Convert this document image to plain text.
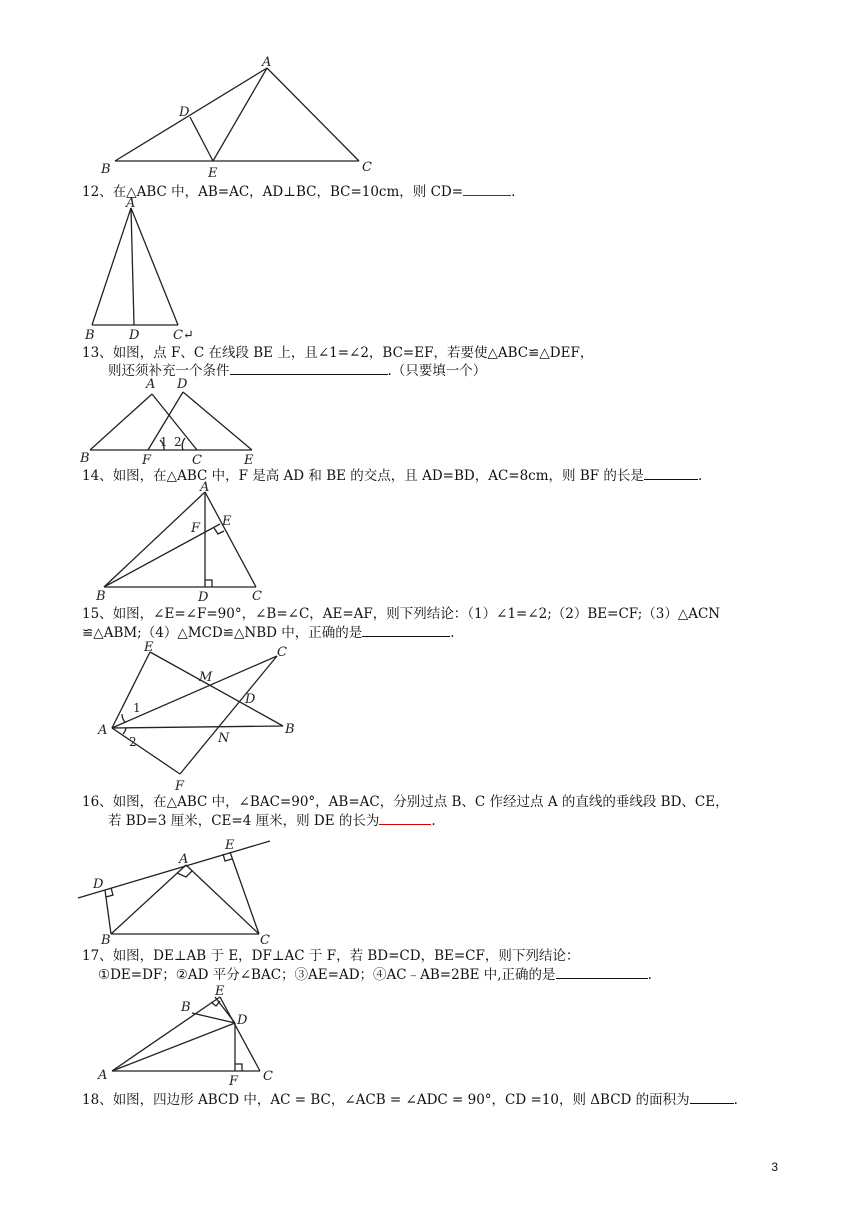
A
B	C
D
E
12、在△ABC 中，AB=AC，AD⊥BC，BC=10cm，则 CD=	.
A
B	D	C↵
13、如图，点 F、C 在线段 BE 上，且∠1=∠2，BC=EF，若要使△ABC≌△DEF，
则还须补充一个条件	.（只要填一个）
A D
B	F	C	E
1 2
14、如图，在△ABC 中，F 是高 AD 和 BE 的交点，且 AD=BD，AC=8cm，则 BF 的长是	.
A
B	D	C
E
F
15、如图，∠E=∠F=90°，∠B=∠C，AE=AF，则下列结论：（1）∠1=∠2;（2）BE=CF;（3）△ACN
≌△ABM;（4）△MCD≌△NBD 中，正确的是	.
E	C
M
D
B
A
N
F
1
2
16、如图，在△ABC 中，∠BAC=90°，AB=AC，分别过点 B、C 作经过点 A 的直线的垂线段 BD、CE，
若 BD=3 厘米，CE=4 厘米，则 DE 的长为	.
A
D
E
B	C
17、如图，DE⊥AB 于 E，DF⊥AC 于 F，若 BD=CD，BE=CF，则下列结论：
①DE=DF；②AD 平分∠BAC；③AE=AD；④AC﹣AB=2BE 中,正确的是	.
A
B
E
D
F C
18、如图，四边形 ABCD 中，AC = BC，∠ACB = ∠ADC = 90°，CD =10，则 ΔBCD 的面积为	.
3
